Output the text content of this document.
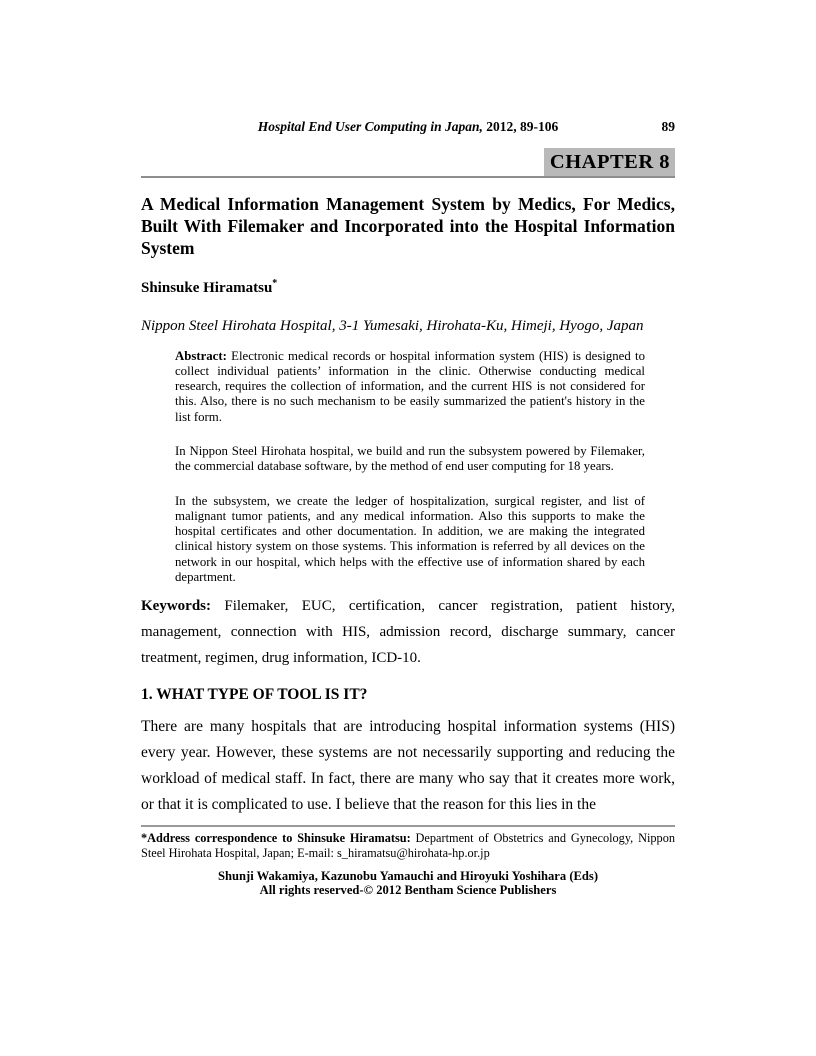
Hospital End User Computing in Japan, 2012, 89-106	89
CHAPTER 8
A Medical Information Management System by Medics, For Medics, Built With Filemaker and Incorporated into the Hospital Information System
Shinsuke Hiramatsu*
Nippon Steel Hirohata Hospital, 3-1 Yumesaki, Hirohata-Ku, Himeji, Hyogo, Japan

Abstract: Electronic medical records or hospital information system (HIS) is designed to collect individual patients’ information in the clinic. Otherwise conducting medical research, requires the collection of information, and the current HIS is not considered for this. Also, there is no such mechanism to be easily summarized the patient's history in the list form.

In Nippon Steel Hirohata hospital, we build and run the subsystem powered by Filemaker, the commercial database software, by the method of end user computing for 18 years.

In the subsystem, we create the ledger of hospitalization, surgical register, and list of malignant tumor patients, and any medical information. Also this supports to make the hospital certificates and other documentation. In addition, we are making the integrated clinical history system on those systems. This information is referred by all devices on the network in our hospital, which helps with the effective use of information shared by each department.

Keywords: Filemaker, EUC, certification, cancer registration, patient history, management, connection with HIS, admission record, discharge summary, cancer treatment, regimen, drug information, ICD-10.
1. WHAT TYPE OF TOOL IS IT?
There are many hospitals that are introducing hospital information systems (HIS) every year. However, these systems are not necessarily supporting and reducing the workload of medical staff. In fact, there are many who say that it creates more work, or that it is complicated to use. I believe that the reason for this lies in the
*Address correspondence to Shinsuke Hiramatsu: Department of Obstetrics and Gynecology, Nippon Steel Hirohata Hospital, Japan; E-mail: s_hiramatsu@hirohata-hp.or.jp
Shunji Wakamiya, Kazunobu Yamauchi and Hiroyuki Yoshihara (Eds)
All rights reserved-© 2012 Bentham Science Publishers
